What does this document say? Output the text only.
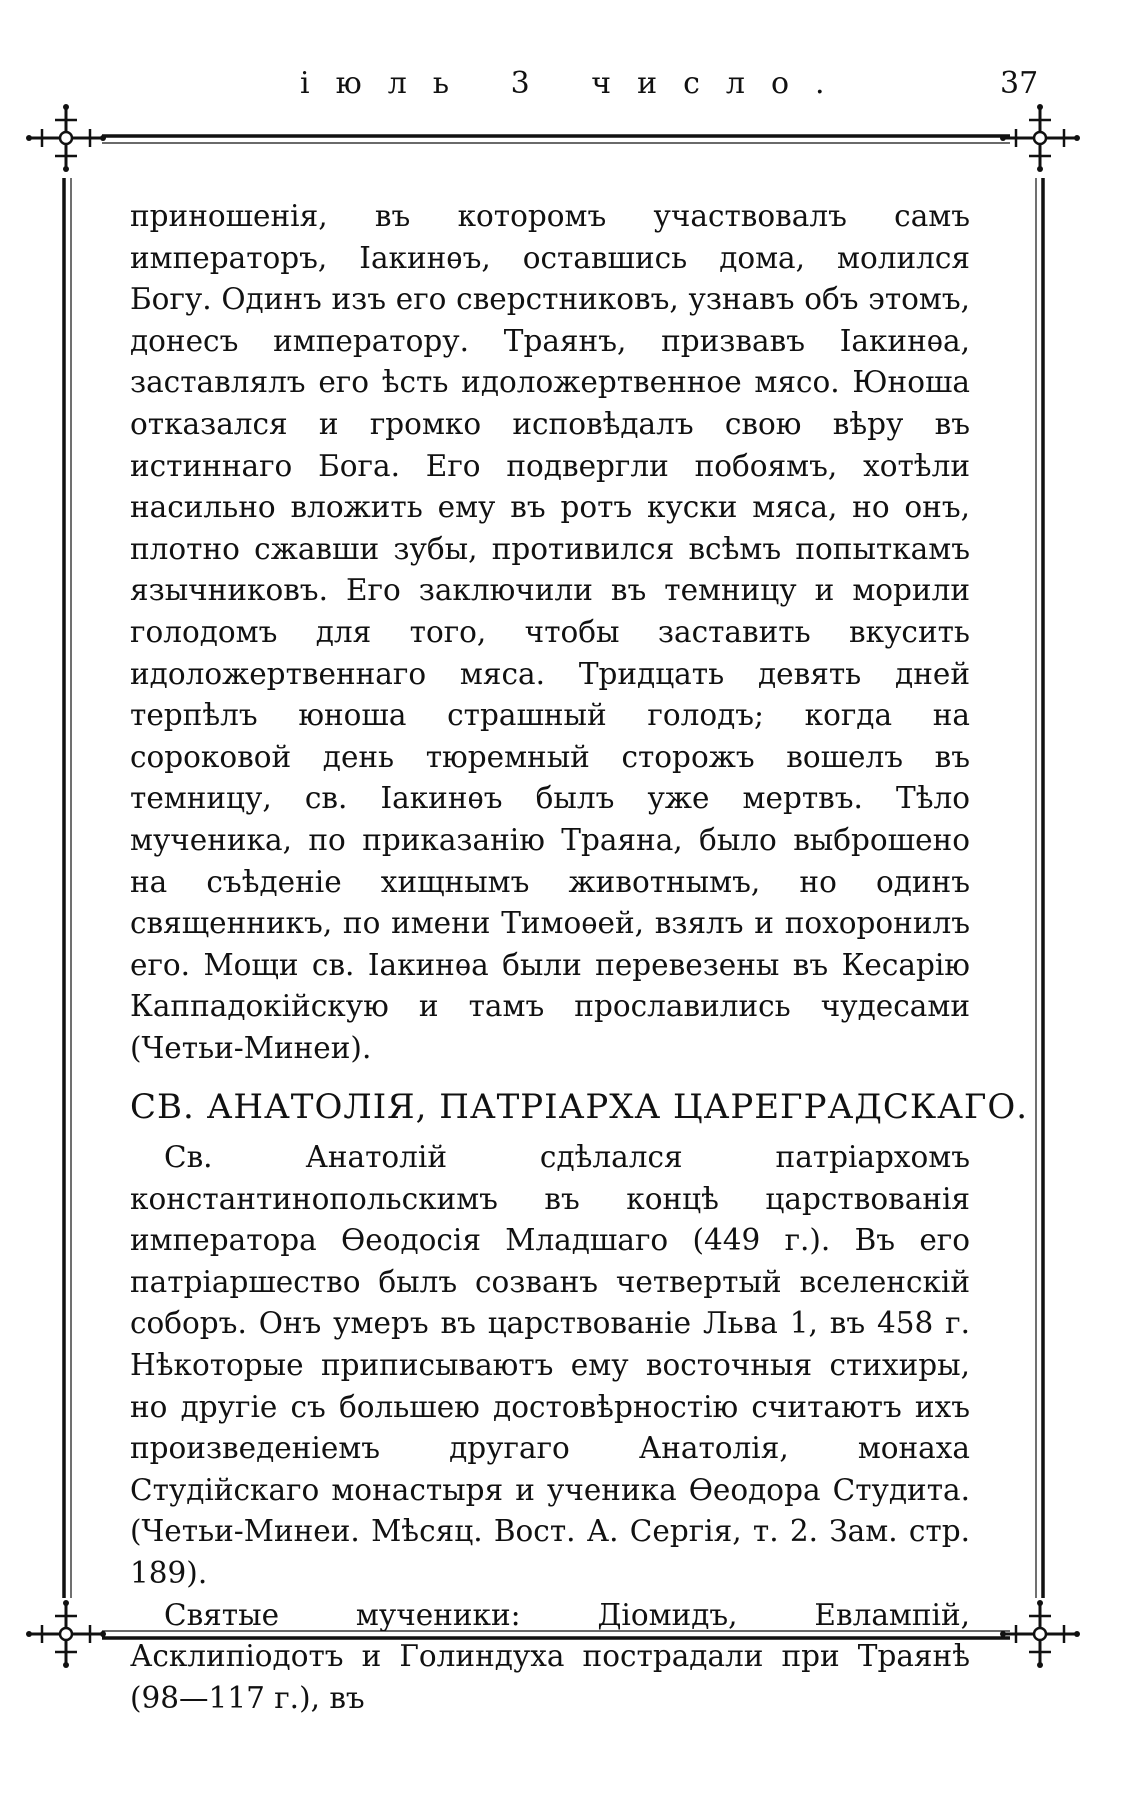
іюль 3 число.	37

приношенія, въ которомъ участвовалъ самъ императоръ, Іакинѳъ, оставшись дома, молился Богу. Одинъ изъ его сверстниковъ, узнавъ объ этомъ, донесъ императору. Траянъ, призвавъ Іакинѳа, заставлялъ его ѣсть идоложертвенное мясо. Юноша отказался и громко исповѣдалъ свою вѣру въ истиннаго Бога. Его подвергли побоямъ, хотѣли насильно вложить ему въ ротъ куски мяса, но онъ, плотно сжавши зубы, противился всѣмъ попыткамъ язычниковъ. Его заключили въ темницу и морили голодомъ для того, чтобы заставить вкусить идоложертвеннаго мяса. Тридцать девять дней терпѣлъ юноша страшный голодъ; когда на сороковой день тюремный сторожъ вошелъ въ темницу, св. Іакинѳъ былъ уже мертвъ. Тѣло мученика, по приказанію Траяна, было выброшено на съѣденіе хищнымъ животнымъ, но одинъ священникъ, по имени Тимоѳей, взялъ и похоронилъ его. Мощи св. Іакинѳа были перевезены въ Кесарію Каппадокійскую и тамъ прославились чудесами (Четьи-Минеи).

СВ. АНАТОЛІЯ, ПАТРІАРХА ЦАРЕГРАДСКАГО.

Св. Анатолій сдѣлался патріархомъ константинопольскимъ въ концѣ царствованія императора Ѳеодосія Младшаго (449 г.). Въ его патріаршество былъ созванъ четвертый вселенскій соборъ. Онъ умеръ въ царствованіе Льва 1, въ 458 г. Нѣкоторые приписываютъ ему восточныя стихиры, но другіе съ большею достовѣрностію считаютъ ихъ произведеніемъ другаго Анатолія, монаха Студійскаго монастыря и ученика Ѳеодора Студита. (Четьи-Минеи. Мѣсяц. Вост. А. Сергія, т. 2. Зам. стр. 189).

Святые мученики: Діомидъ, Евлампій, Асклипіодотъ и Голиндуха пострадали при Траянѣ (98—117 г.), въ
